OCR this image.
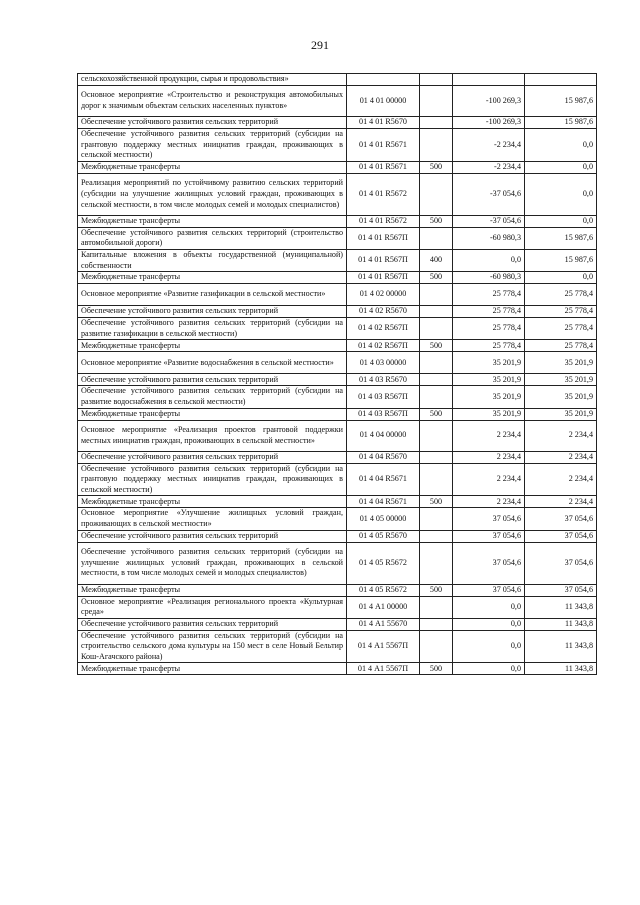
291
сельскохозяйственной продукции, сырья и продовольствия»				
Основное мероприятие «Строительство и реконструкция автомобильных дорог к значимым объектам сельских населенных пунктов»	01 4 01 00000		-100 269,3	15 987,6
Обеспечение устойчивого развития сельских территорий	01 4 01 R5670		-100 269,3	15 987,6
Обеспечение устойчивого развития сельских территорий (субсидии на грантовую поддержку местных инициатив граждан, проживающих в сельской местности)	01 4 01 R5671		-2 234,4	0,0
Межбюджетные трансферты	01 4 01 R5671	500	-2 234,4	0,0
Реализация мероприятий по устойчивому развитию сельских территорий (субсидии на улучшение жилищных условий граждан, проживающих в сельской местности, в том числе молодых семей и молодых специалистов)	01 4 01 R5672		-37 054,6	0,0
Межбюджетные трансферты	01 4 01 R5672	500	-37 054,6	0,0
Обеспечение устойчивого развития сельских территорий (строительство автомобильной дороги)	01 4 01 R567П		-60 980,3	15 987,6
Капитальные вложения в объекты государственной (муниципальной) собственности	01 4 01 R567П	400	0,0	15 987,6
Межбюджетные трансферты	01 4 01 R567П	500	-60 980,3	0,0
Основное мероприятие «Развитие газификации в сельской местности»	01 4 02 00000		25 778,4	25 778,4
Обеспечение устойчивого развития сельских территорий	01 4 02 R5670		25 778,4	25 778,4
Обеспечение устойчивого развития сельских территорий (субсидии на развитие газификации в сельской местности)	01 4 02 R567П		25 778,4	25 778,4
Межбюджетные трансферты	01 4 02 R567П	500	25 778,4	25 778,4
Основное мероприятие «Развитие водоснабжения в сельской местности»	01 4 03 00000		35 201,9	35 201,9
Обеспечение устойчивого развития сельских территорий	01 4 03 R5670		35 201,9	35 201,9
Обеспечение устойчивого развития сельских территорий (субсидии на развитие водоснабжения в сельской местности)	01 4 03 R567П		35 201,9	35 201,9
Межбюджетные трансферты	01 4 03 R567П	500	35 201,9	35 201,9
Основное мероприятие «Реализация проектов грантовой поддержки местных инициатив граждан, проживающих в сельской местности»	01 4 04 00000		2 234,4	2 234,4
Обеспечение устойчивого развития сельских территорий	01 4 04 R5670		2 234,4	2 234,4
Обеспечение устойчивого развития сельских территорий (субсидии на грантовую поддержку местных инициатив граждан, проживающих в сельской местности)	01 4 04 R5671		2 234,4	2 234,4
Межбюджетные трансферты	01 4 04 R5671	500	2 234,4	2 234,4
Основное мероприятие «Улучшение жилищных условий граждан, проживающих в сельской местности»	01 4 05 00000		37 054,6	37 054,6
Обеспечение устойчивого развития сельских территорий	01 4 05 R5670		37 054,6	37 054,6
Обеспечение устойчивого развития сельских территорий (субсидии на улучшение жилищных условий граждан, проживающих в сельской местности, в том числе молодых семей и молодых специалистов)	01 4 05 R5672		37 054,6	37 054,6
Межбюджетные трансферты	01 4 05 R5672	500	37 054,6	37 054,6
Основное мероприятие «Реализация регионального проекта «Культурная среда»	01 4 А1 00000		0,0	11 343,8
Обеспечение устойчивого развития сельских территорий	01 4 А1 55670		0,0	11 343,8
Обеспечение устойчивого развития сельских территорий (субсидии на строительство сельского дома культуры на 150 мест в селе Новый Бельтир Кош-Агачского района)	01 4 А1 5567П		0,0	11 343,8
Межбюджетные трансферты	01 4 А1 5567П	500	0,0	11 343,8
